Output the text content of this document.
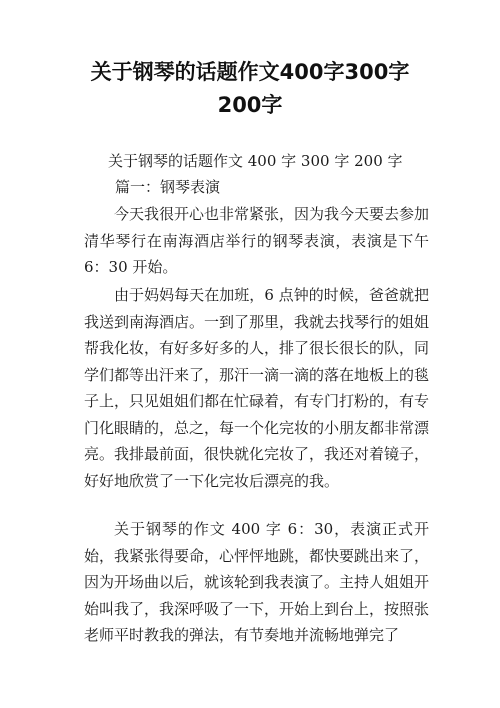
关于钢琴的话题作文400字300字
200字

关于钢琴的话题作文 400 字 300 字 200 字

篇一：钢琴表演

今天我很开心也非常紧张，因为我今天要去参加清华琴行在南海酒店举行的钢琴表演，表演是下午 6：30 开始。

由于妈妈每天在加班，6 点钟的时候，爸爸就把我送到南海酒店。一到了那里，我就去找琴行的姐姐帮我化妆，有好多好多的人，排了很长很长的队，同学们都等出汗来了，那汗一滴一滴的落在地板上的毯子上，只见姐姐们都在忙碌着，有专门打粉的，有专门化眼睛的，总之，每一个化完妆的小朋友都非常漂亮。我排最前面，很快就化完妆了，我还对着镜子，好好地欣赏了一下化完妆后漂亮的我。

关于钢琴的作文 400 字 6：30，表演正式开始，我紧张得要命，心怦怦地跳，都快要跳出来了，因为开场曲以后，就该轮到我表演了。主持人姐姐开始叫我了，我深呼吸了一下，开始上到台上，按照张老师平时教我的弹法，有节奏地并流畅地弹完了
